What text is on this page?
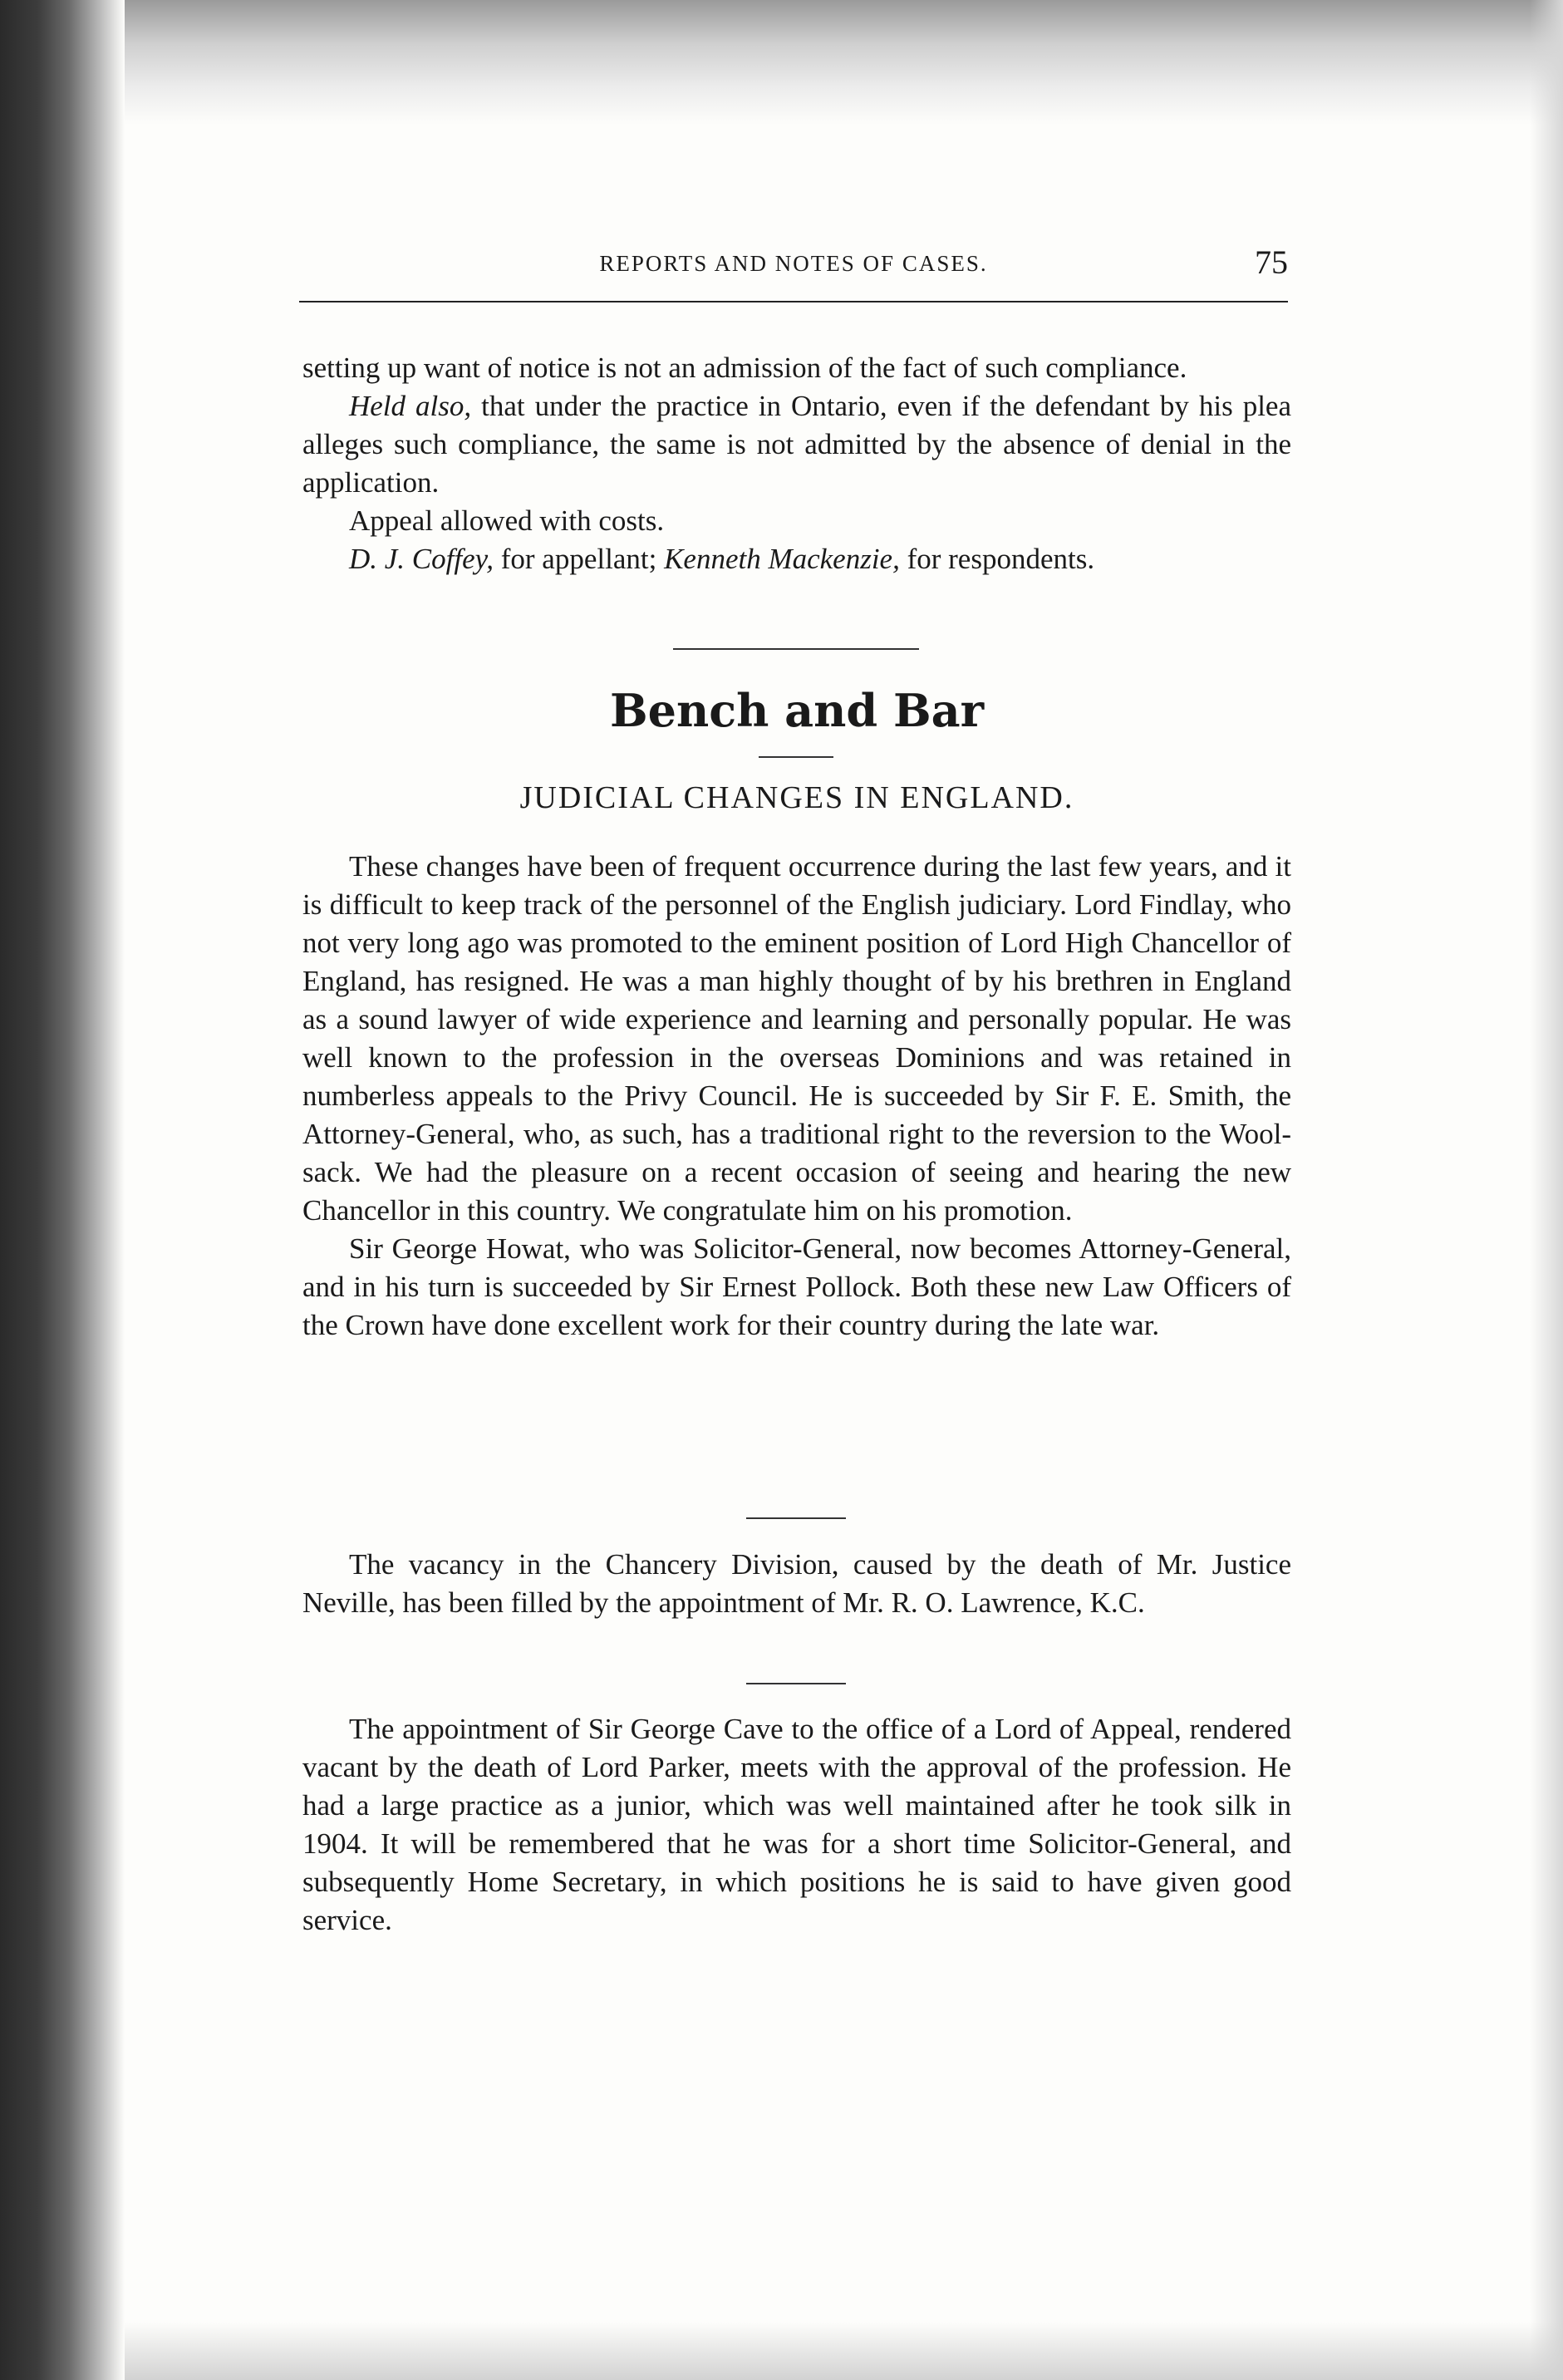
REPORTS AND NOTES OF CASES.	75

setting up want of notice is not an admission of the fact of such compliance.

Held also, that under the practice in Ontario, even if the defendant by his plea alleges such compliance, the same is not admitted by the absence of denial in the application.

Appeal allowed with costs.

D. J. Coffey, for appellant; Kenneth Mackenzie, for respondents.

Bench and Bar
JUDICIAL CHANGES IN ENGLAND.

These changes have been of frequent occurrence during the last few years, and it is difficult to keep track of the personnel of the English judiciary. Lord Findlay, who not very long ago was promoted to the eminent position of Lord High Chancellor of England, has resigned. He was a man highly thought of by his brethren in England as a sound lawyer of wide experience and learning and personally popular. He was well known to the profession in the overseas Dominions and was retained in numberless appeals to the Privy Council. He is succeeded by Sir F. E. Smith, the Attorney-General, who, as such, has a traditional right to the reversion to the Wool-sack. We had the pleasure on a recent occasion of seeing and hearing the new Chancellor in this country. We congratulate him on his promotion.

Sir George Howat, who was Solicitor-General, now becomes Attorney-General, and in his turn is succeeded by Sir Ernest Pollock. Both these new Law Officers of the Crown have done excellent work for their country during the late war.

The vacancy in the Chancery Division, caused by the death of Mr. Justice Neville, has been filled by the appointment of Mr. R. O. Lawrence, K.C.

The appointment of Sir George Cave to the office of a Lord of Appeal, rendered vacant by the death of Lord Parker, meets with the approval of the profession. He had a large practice as a junior, which was well maintained after he took silk in 1904. It will be remembered that he was for a short time Solicitor-General, and subsequently Home Secretary, in which positions he is said to have given good service.
